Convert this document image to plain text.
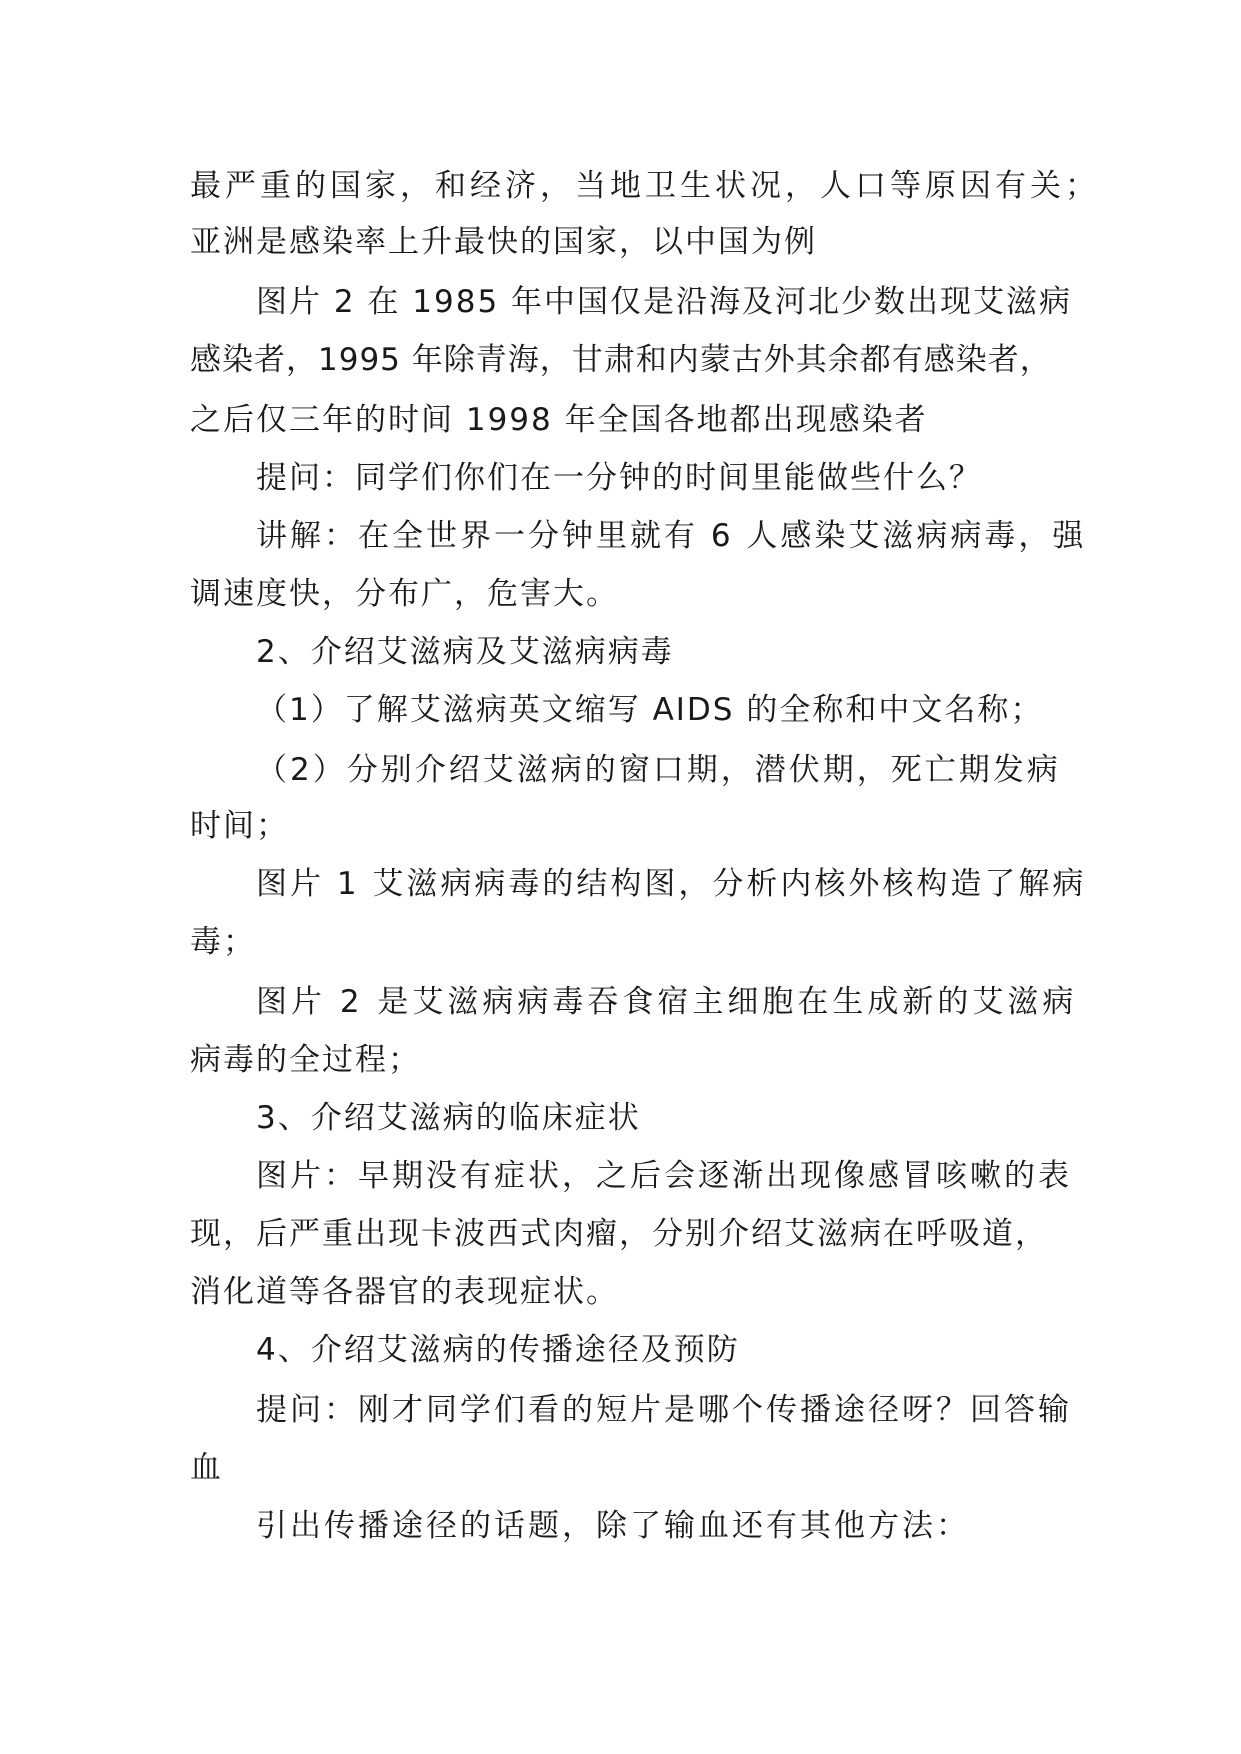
最严重的国家，和经济，当地卫生状况，人口等原因有关；
亚洲是感染率上升最快的国家，以中国为例
图片 2 在 1985 年中国仅是沿海及河北少数出现艾滋病
感染者，1995 年除青海，甘肃和内蒙古外其余都有感染者，
之后仅三年的时间 1998 年全国各地都出现感染者
提问：同学们你们在一分钟的时间里能做些什么？
讲解：在全世界一分钟里就有 6 人感染艾滋病病毒，强
调速度快，分布广，危害大。
2、介绍艾滋病及艾滋病病毒
（1）了解艾滋病英文缩写 AIDS 的全称和中文名称；
（2）分别介绍艾滋病的窗口期，潜伏期，死亡期发病
时间；
图片 1 艾滋病病毒的结构图，分析内核外核构造了解病
毒；
图片 2 是艾滋病病毒吞食宿主细胞在生成新的艾滋病
病毒的全过程；
3、介绍艾滋病的临床症状
图片：早期没有症状，之后会逐渐出现像感冒咳嗽的表
现，后严重出现卡波西式肉瘤，分别介绍艾滋病在呼吸道，
消化道等各器官的表现症状。
4、介绍艾滋病的传播途径及预防
提问：刚才同学们看的短片是哪个传播途径呀？回答输
血
引出传播途径的话题，除了输血还有其他方法：
